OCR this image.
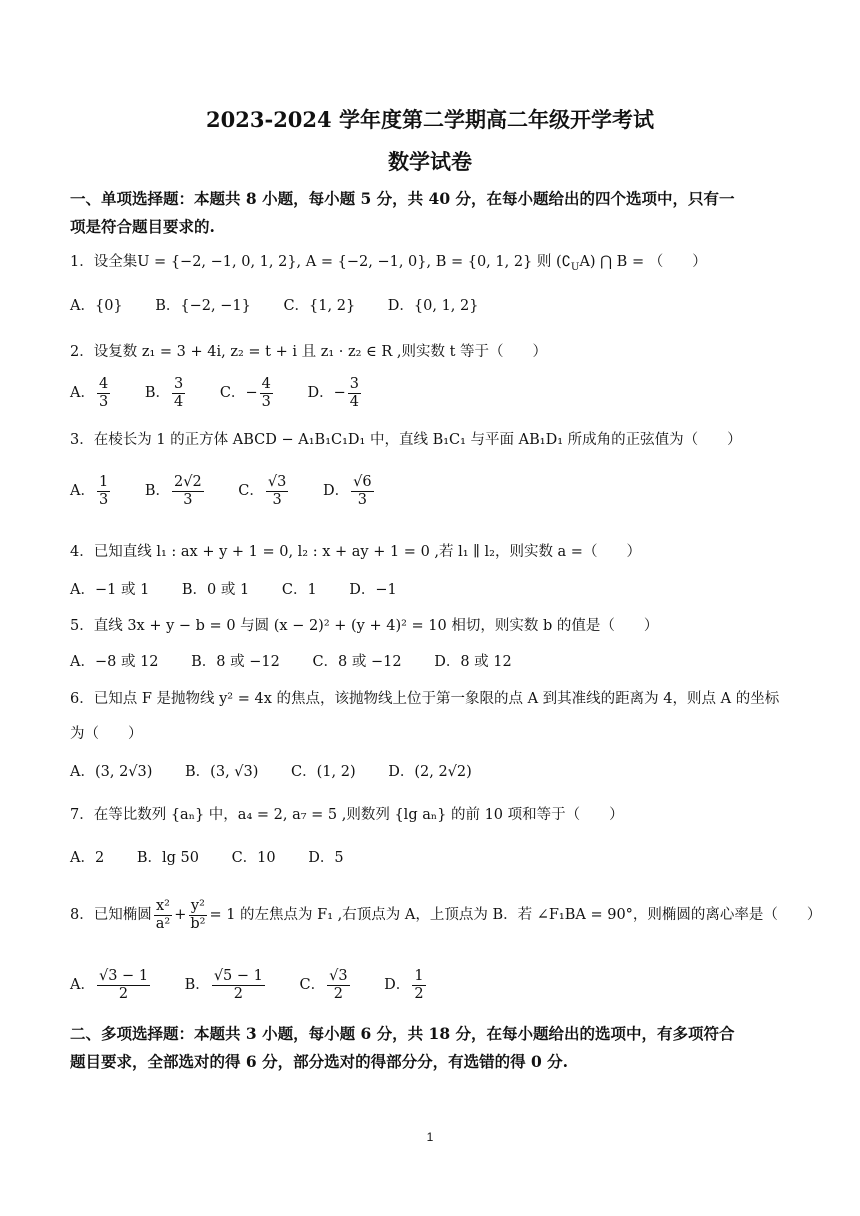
2023-2024 学年度第二学期高二年级开学考试
数学试卷
一、单项选择题：本题共 8 小题，每小题 5 分，共 40 分，在每小题给出的四个选项中，只有一
项是符合题目要求的.
1．设全集U = {−2, −1, 0, 1, 2}, A = {−2, −1, 0}, B = {0, 1, 2} 则 $(∁_UA)$ ⋂ B = （　　）
A．{0} B．{−2, −1} C．{1, 2} D．{0, 1, 2}
2．设复数 z₁ = 3 + 4i, z₂ = t + i 且 z₁ · z₂ ∈ R ,则实数 t 等于（　　）
A． $\frac{4}{3}$ B． $\frac{3}{4}$ C．− $\frac{4}{3}$ D．− $\frac{3}{4}$
3．在棱长为 1 的正方体 ABCD − A₁B₁C₁D₁ 中，直线 B₁C₁ 与平面 AB₁D₁ 所成角的正弦值为（　　）
A． $\frac{1}{3}$ B． $\frac{2√2}{3}$ C． $\frac{√3}{3}$ D． $\frac{√6}{3}$
4．已知直线 l₁ : ax + y + 1 = 0, l₂ : x + ay + 1 = 0 ,若 l₁ ∥ l₂，则实数 a =（　　）
A．−1 或 1 B．0 或 1 C．1 D．−1
5．直线 3x + y − b = 0 与圆 (x − 2)² + (y + 4)² = 10 相切，则实数 b 的值是（　　）
A．−8 或 12 B．8 或 −12 C．8 或 −12 D．8 或 12
6．已知点 F 是抛物线 y² = 4x 的焦点，该抛物线上位于第一象限的点 A 到其准线的距离为 4，则点 A 的坐标
为（　　）
A．(3, 2√3) B．(3, √3) C．(1, 2) D．(2, 2√2)
7．在等比数列 {aₙ} 中，a₄ = 2, a₇ = 5 ,则数列 {lg aₙ} 的前 10 项和等于（　　）
A．2 B．lg 50 C．10 D．5
8．已知椭圆 $\frac{\text{x²}}{\text{a²}} + \frac{\text{y²}}{\text{b²}} = 1$ 的左焦点为 F₁ ,右顶点为 A，上顶点为 B．若 ∠F₁BA = 90°，则椭圆的离心率是（　　）
A． $\frac{√3 - 1}{2}$ B． $\frac{√5 - 1}{2}$ C． $\frac{√3}{2}$ D． $\frac{1}{2}$
二、多项选择题：本题共 3 小题，每小题 6 分，共 18 分，在每小题给出的选项中，有多项符合
题目要求，全部选对的得 6 分，部分选对的得部分分，有选错的得 0 分.
1
